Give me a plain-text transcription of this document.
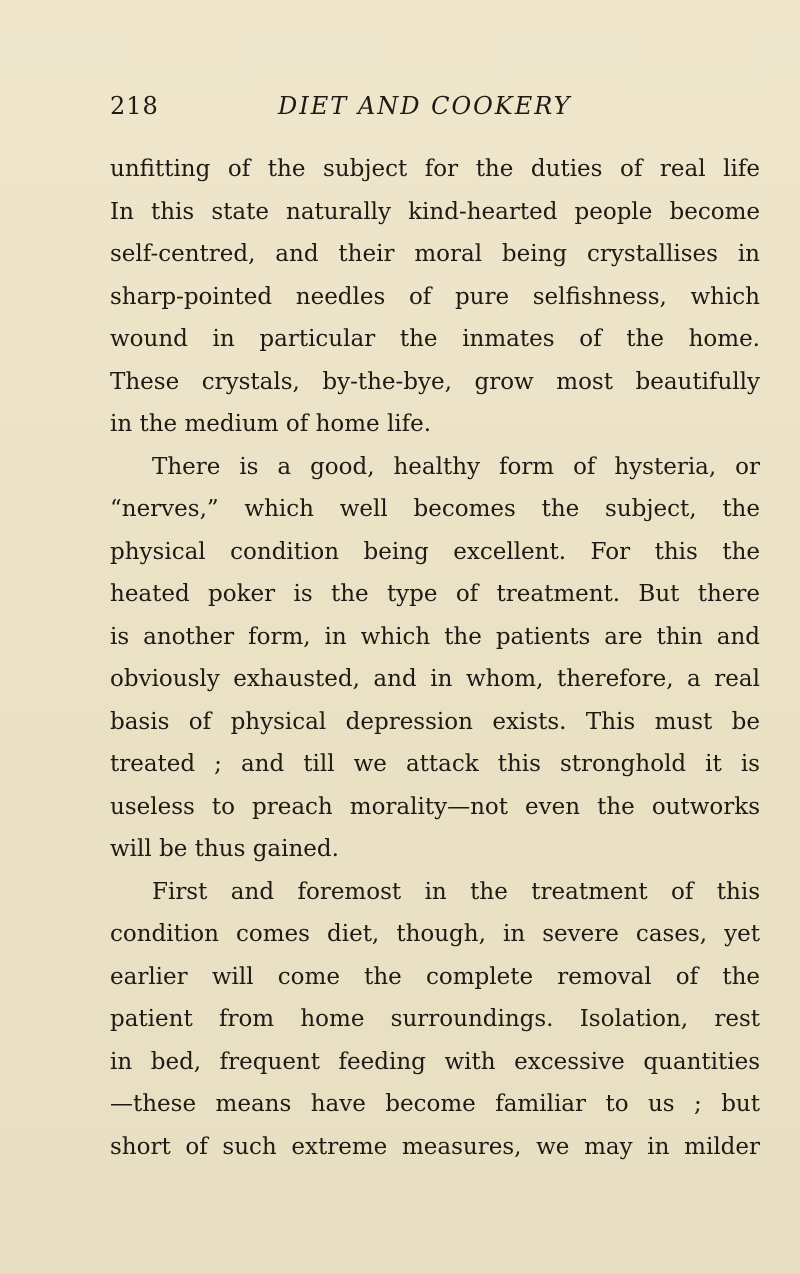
218	DIET AND COOKERY
unfitting of the subject for the duties of real life
In this state naturally kind-hearted people become
self-centred, and their moral being crystallises in
sharp-pointed needles of pure selfishness, which
wound in particular the inmates of the home.
These crystals, by-the-bye, grow most beautifully
in the medium of home life.
There is a good, healthy form of hysteria, or
“nerves,” which well becomes the subject, the
physical condition being excellent. For this the
heated poker is the type of treatment. But there
is another form, in which the patients are thin and
obviously exhausted, and in whom, therefore, a real
basis of physical depression exists. This must be
treated ; and till we attack this stronghold it is
useless to preach morality—not even the outworks
will be thus gained.
First and foremost in the treatment of this
condition comes diet, though, in severe cases, yet
earlier will come the complete removal of the
patient from home surroundings. Isolation, rest
in bed, frequent feeding with excessive quantities
—these means have become familiar to us ; but
short of such extreme measures, we may in milder
